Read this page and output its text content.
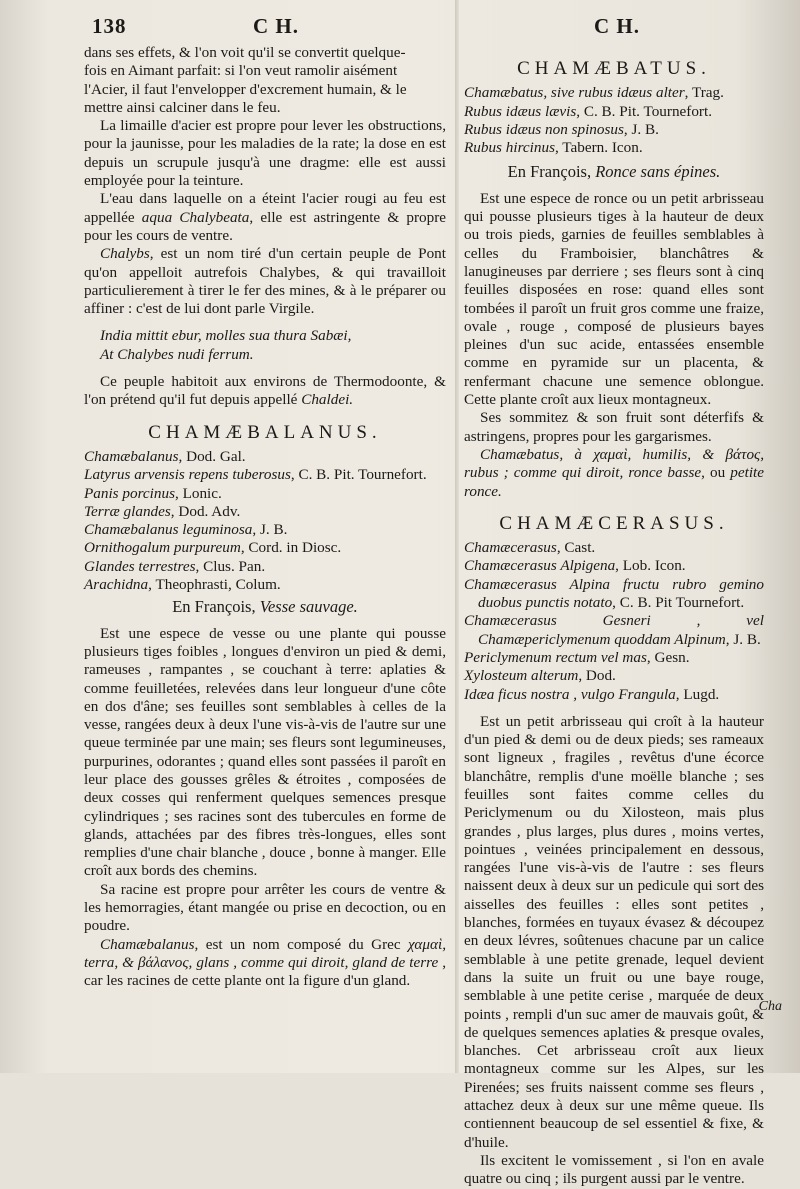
138	C H.	C H.

dans ses effets, & l'on voit qu'il se convertit quelque-

fois en Aimant parfait: si l'on veut ramolir aisément

l'Acier, il faut l'envelopper d'excrement humain, & le

mettre ainsi calciner dans le feu.

La limaille d'acier est propre pour lever les obstructions, pour la jaunisse, pour les maladies de la rate; la dose en est depuis un scrupule jusqu'à une dragme: elle est aussi employée pour la teinture.

L'eau dans laquelle on a éteint l'acier rougi au feu est appellée aqua Chalybeata, elle est astringente & propre pour les cours de ventre.

Chalybs, est un nom tiré d'un certain peuple de Pont qu'on appelloit autrefois Chalybes, & qui travailloit particulierement à tirer le fer des mines, & à le préparer ou affiner : c'est de lui dont parle Virgile.

India mittit ebur, molles sua thura Sabæi,

At Chalybes nudi ferrum.

Ce peuple habitoit aux environs de Thermodoonte, & l'on prétend qu'il fut depuis appellé Chaldei.

CHAMÆBALANUS.

Chamæbalanus, Dod. Gal.

Latyrus arvensis repens tuberosus, C. B. Pit. Tournefort.

Panis porcinus, Lonic.

Terræ glandes, Dod. Adv.

Chamæbalanus leguminosa, J. B.

Ornithogalum purpureum, Cord. in Diosc.

Glandes terrestres, Clus. Pan.

Arachidna, Theophrasti, Colum.

En François, Vesse sauvage.

Est une espece de vesse ou une plante qui pousse plusieurs tiges foibles , longues d'environ un pied & demi, rameuses , rampantes , se couchant à terre: aplaties & comme feuilletées, relevées dans leur longueur d'une côte en dos d'âne; ses feuilles sont semblables à celles de la vesse, rangées deux à deux l'une vis-à-vis de l'autre sur une queue terminée par une main; ses fleurs sont legumineuses, purpurines, odorantes ; quand elles sont passées il paroît en leur place des gousses grêles & étroites , composées de deux cosses qui renferment quelques semences presque cylindriques ; ses racines sont des tubercules en forme de glands, attachées par des fibres très-longues, elles sont remplies d'une chair blanche , douce , bonne à manger. Elle croît aux bords des chemins.

Sa racine est propre pour arrêter les cours de ventre & les hemorragies, étant mangée ou prise en decoction, ou en poudre.

Chamæbalanus, est un nom composé du Grec χαμαὶ, terra, & βάλανος, glans , comme qui diroit, gland de terre , car les racines de cette plante ont la figure d'un gland.

CHAMÆBATUS.

Chamæbatus, sive rubus idæus alter, Trag.

Rubus idæus lævis, C. B. Pit. Tournefort.

Rubus idæus non spinosus, J. B.

Rubus hircinus, Tabern. Icon.

En François, Ronce sans épines.

Est une espece de ronce ou un petit arbrisseau qui pousse plusieurs tiges à la hauteur de deux ou trois pieds, garnies de feuilles semblables à celles du Framboisier, blanchâtres & lanugineuses par derriere ; ses fleurs sont à cinq feuilles disposées en rose: quand elles sont tombées il paroît un fruit gros comme une fraize, ovale , rouge , composé de plusieurs bayes pleines d'un suc acide, entassées ensemble comme en pyramide sur un placenta, & renfermant chacune une semence oblongue. Cette plante croît aux lieux montagneux.

Ses sommitez & son fruit sont déterfifs & astringens, propres pour les gargarismes.

Chamæbatus, à χαμαὶ, humilis, & βάτος, rubus ; comme qui diroit, ronce basse, ou petite ronce.

CHAMÆCERASUS.

Chamæcerasus, Cast.

Chamæcerasus Alpigena, Lob. Icon.

Chamæcerasus Alpina fructu rubro gemino duobus punctis notato, C. B. Pit Tournefort.

Chamæcerasus Gesneri , vel Chamæpericlymenum quoddam Alpinum, J. B.

Periclymenum rectum vel mas, Gesn.

Xylosteum alterum, Dod.

Idæa ficus nostra , vulgo Frangula, Lugd.

Est un petit arbrisseau qui croît à la hauteur d'un pied & demi ou de deux pieds; ses rameaux sont ligneux , fragiles , revêtus d'une écorce blanchâtre, remplis d'une moëlle blanche ; ses feuilles sont faites comme celles du Periclymenum ou du Xilosteon, mais plus grandes , plus larges, plus dures , moins vertes, pointues , veinées principalement en dessous, rangées l'une vis-à-vis de l'autre : ses fleurs naissent deux à deux sur un pedicule qui sort des aisselles des feuilles : elles sont petites , blanches, formées en tuyaux évasez & découpez en deux lévres, soûtenues chacune par un calice semblable à une petite grenade, lequel devient dans la suite un fruit ou une baye rouge, semblable à une petite cerise , marquée de deux points , rempli d'un suc amer de mauvais goût, & de quelques semences aplaties & presque ovales, blanches. Cet arbrisseau croît aux lieux montagneux comme sur les Alpes, sur les Pirenées; ses fruits naissent comme ses fleurs , attachez deux à deux sur une même queue. Ils contiennent beaucoup de sel essentiel & fixe, & d'huile.

Ils excitent le vomissement , si l'on en avale quatre ou cinq ; ils purgent aussi par le ventre.

Cha
